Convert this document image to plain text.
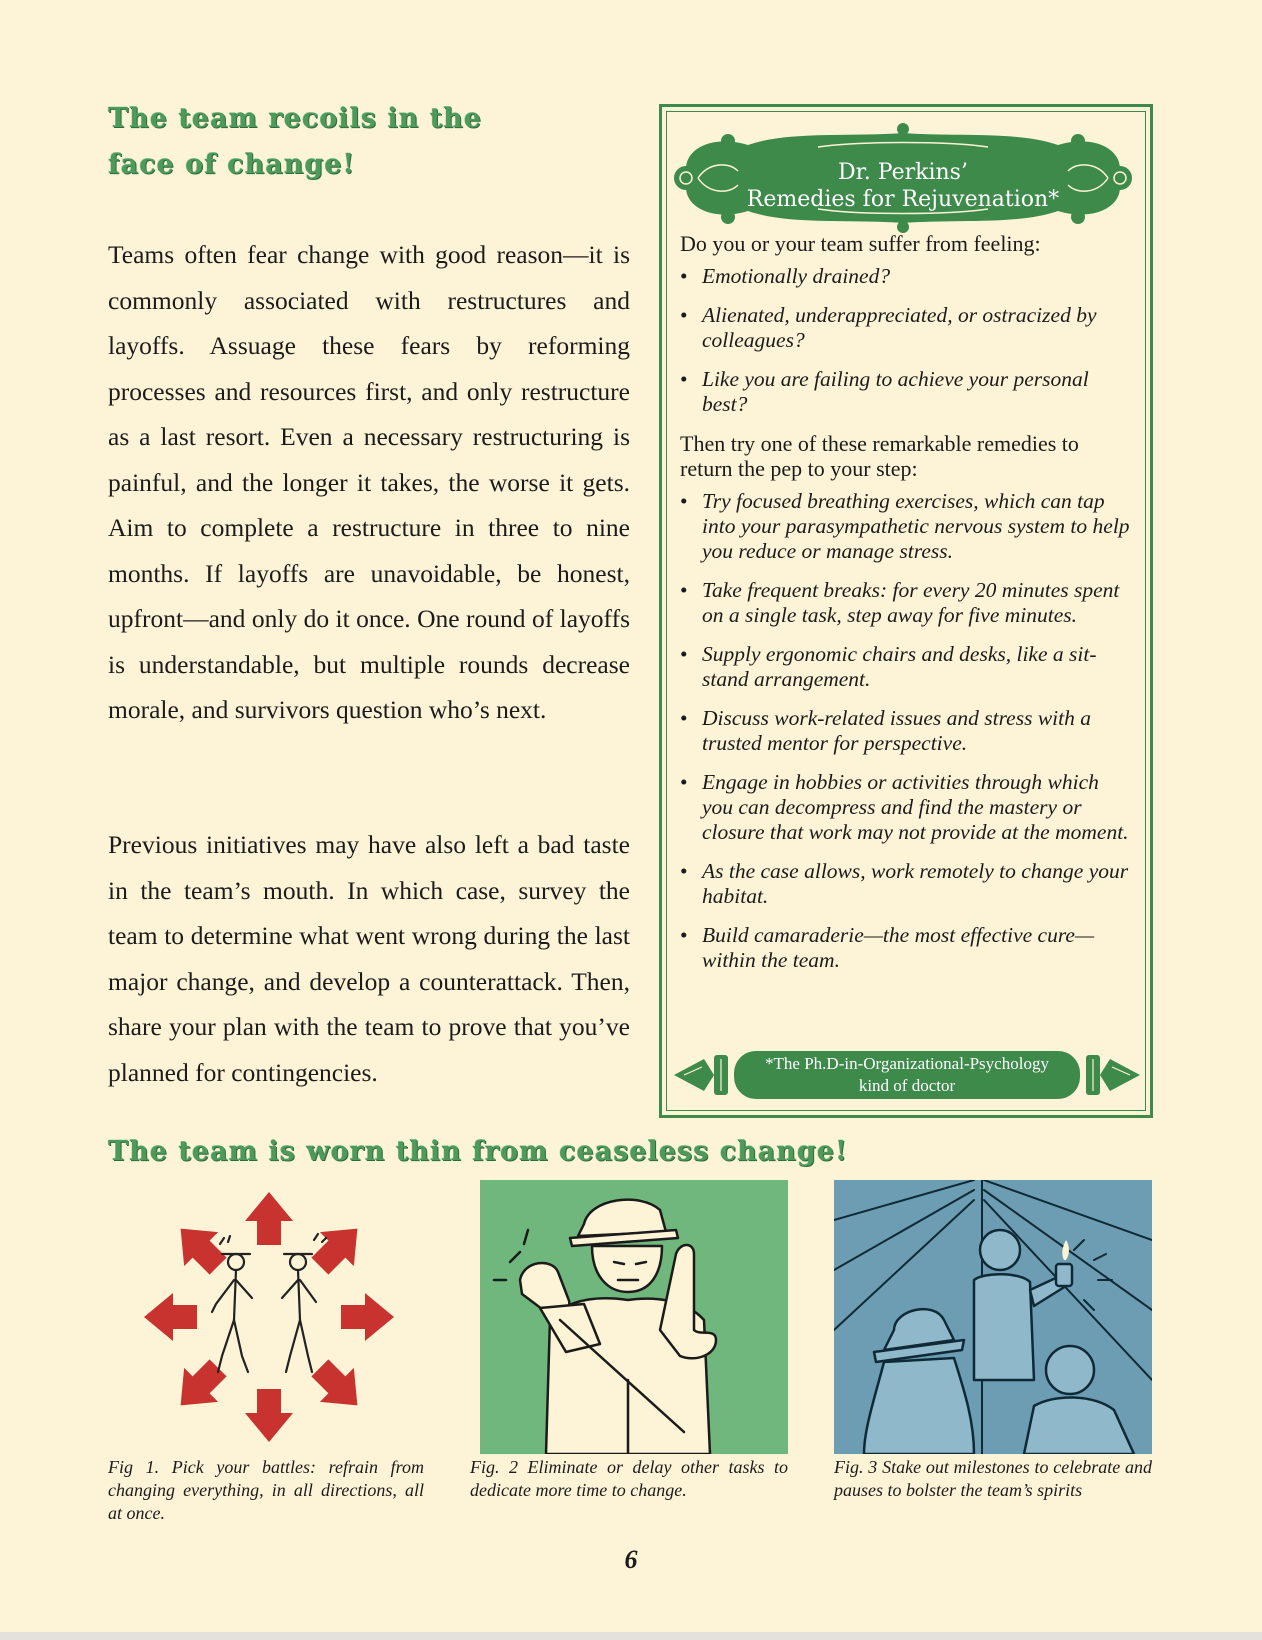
The team recoils in the face of change!
Teams often fear change with good reason—it is commonly associated with restructures and layoffs. Assuage these fears by reforming processes and resources first, and only restructure as a last resort. Even a necessary restructuring is painful, and the longer it takes, the worse it gets. Aim to complete a restructure in three to nine months. If layoffs are unavoidable, be honest, upfront—and only do it once. One round of layoffs is understandable, but multiple rounds decrease morale, and survivors question who’s next.
Previous initiatives may have also left a bad taste in the team’s mouth. In which case, survey the team to determine what went wrong during the last major change, and develop a counterattack. Then, share your plan with the team to prove that you’ve planned for contingencies.
Dr. Perkins’
Remedies for Rejuvenation*

Do you or your team suffer from feeling:

• Emotionally drained?
• Alienated, underappreciated, or ostracized by colleagues?
• Like you are failing to achieve your personal best?

Then try one of these remarkable remedies to return the pep to your step:

• Try focused breathing exercises, which can tap into your parasympathetic nervous system to help you reduce or manage stress.
• Take frequent breaks: for every 20 minutes spent on a single task, step away for five minutes.
• Supply ergonomic chairs and desks, like a sit-stand arrangement.
• Discuss work-related issues and stress with a trusted mentor for perspective.
• Engage in hobbies or activities through which you can decompress and find the mastery or closure that work may not provide at the moment.
• As the case allows, work remotely to change your habitat.
• Build camaraderie—the most effective cure—within the team.
*The Ph.D-in-Organizational-Psychology
kind of doctor
The team is worn thin from ceaseless change!
Fig 1. Pick your battles: refrain from changing everything, in all directions, all at once.
Fig. 2 Eliminate or delay other tasks to dedicate more time to change.
Fig. 3 Stake out milestones to celebrate and pauses to bolster the team’s spirits
6
